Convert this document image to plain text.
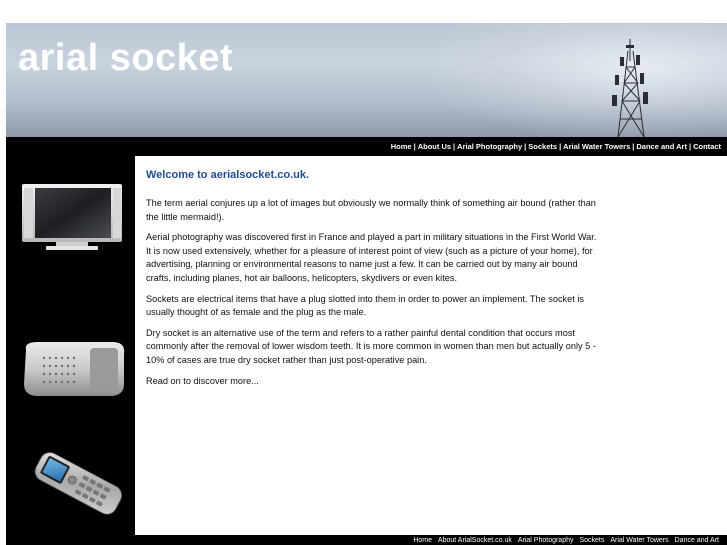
arial socket
Home | About Us | Arial Photography | Sockets | Arial Water Towers | Dance and Art | Contact
Welcome to aerialsocket.co.uk.

The term aerial conjures up a lot of images but obviously we normally think of something air bound (rather than the little mermaid!).

Aerial photography was discovered first in France and played a part in military situations in the First World War. It is now used extensively, whether for a pleasure of interest point of view (such as a picture of your home), for advertising, planning or environmental reasons to name just a few. It can be carried out by many air bound crafts, including planes, hot air balloons, helicopters, skydivers or even kites.

Sockets are electrical items that have a plug slotted into them in order to power an implement. The socket is usually thought of as female and the plug as the male.

Dry socket is an alternative use of the term and refers to a rather painful dental condition that occurs most commonly after the removal of lower wisdom teeth. It is more common in women than men but actually only 5 - 10% of cases are true dry socket rather than just post-operative pain.

Read on to discover more...

Home About ArialSocket.co.uk Arial Photography Sockets Arial Water Towers Dance and Art
